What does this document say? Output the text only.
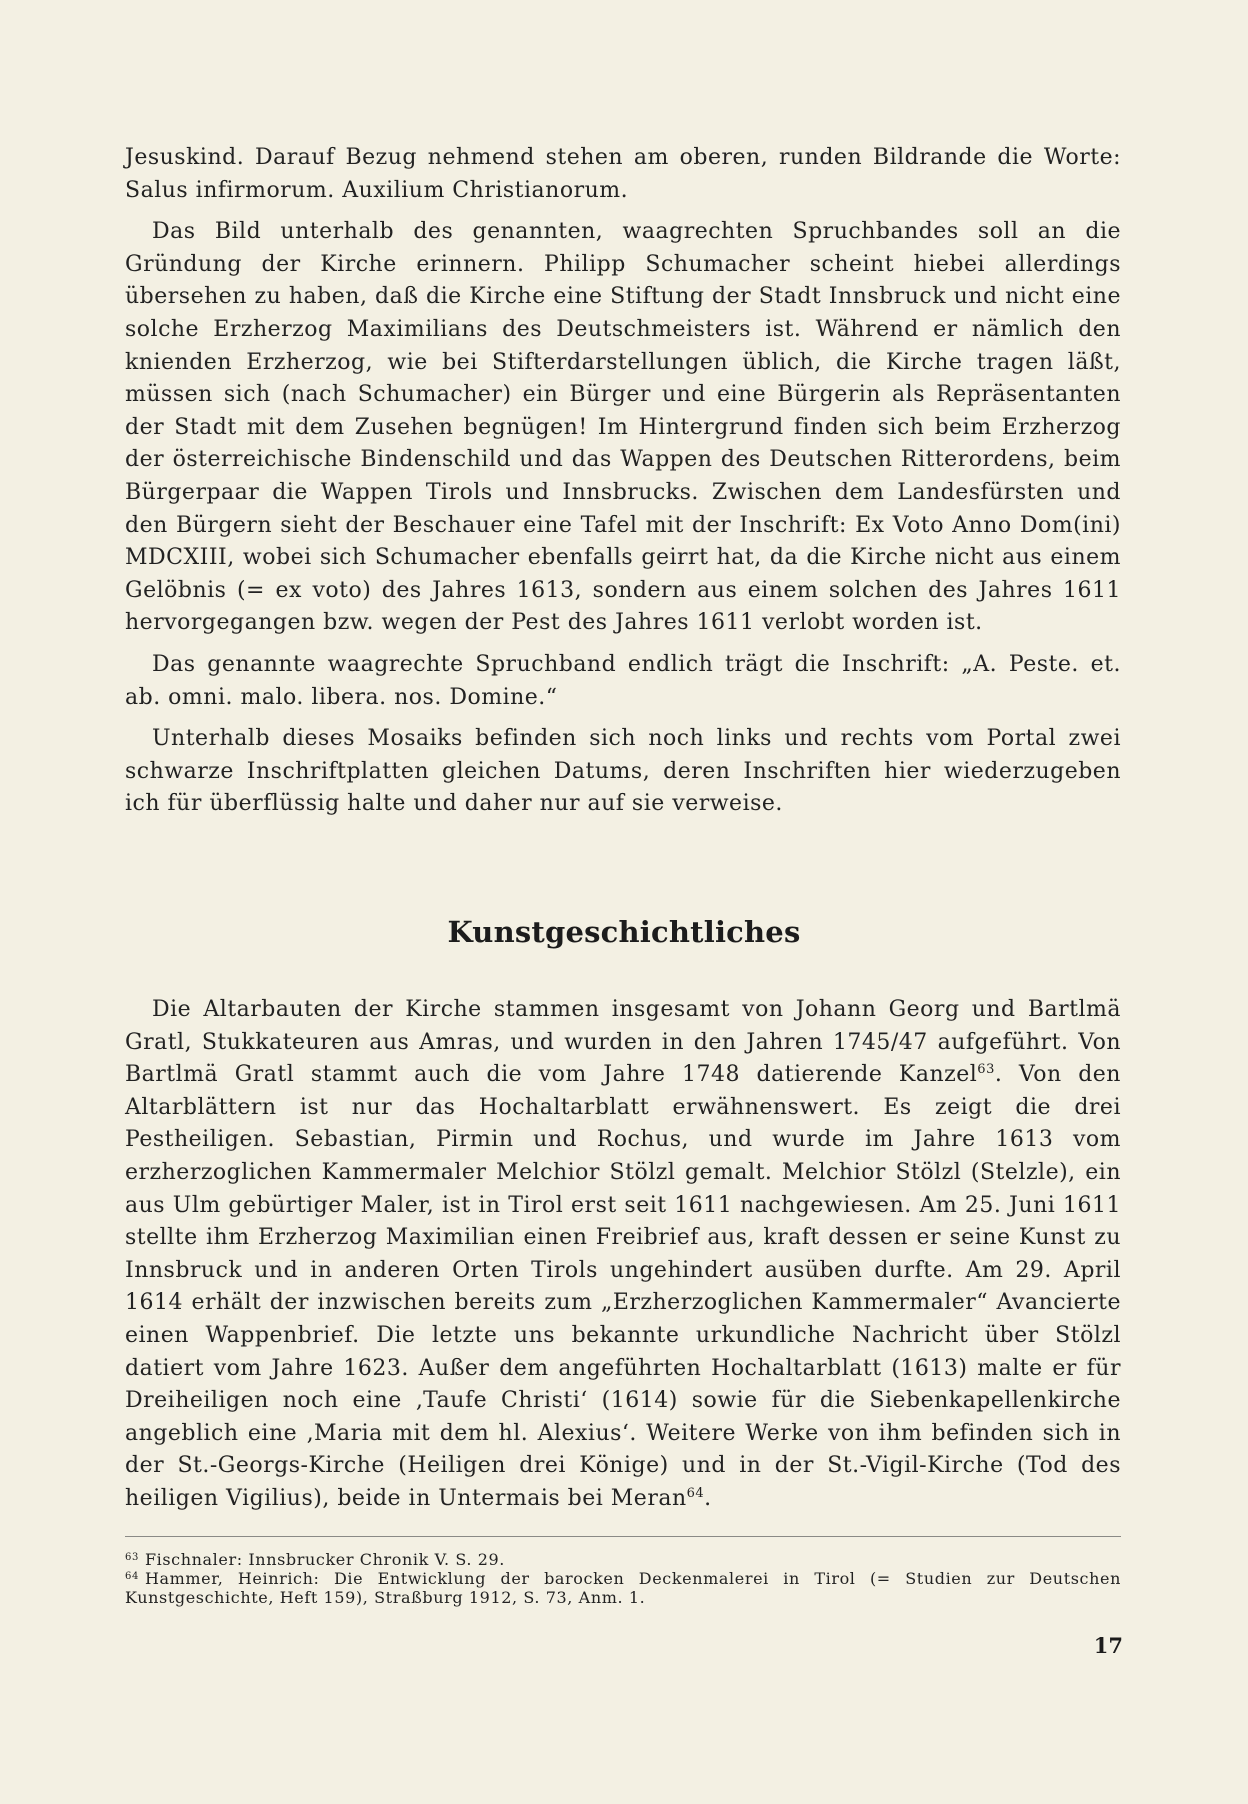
Jesuskind. Darauf Bezug nehmend stehen am oberen, runden Bildrande die Worte: Salus infirmorum. Auxilium Christianorum.

Das Bild unterhalb des genannten, waagrechten Spruchbandes soll an die Gründung der Kirche erinnern. Philipp Schumacher scheint hiebei allerdings übersehen zu haben, daß die Kirche eine Stiftung der Stadt Innsbruck und nicht eine solche Erzherzog Maximilians des Deutschmeisters ist. Während er nämlich den knienden Erzherzog, wie bei Stifterdarstellungen üblich, die Kirche tragen läßt, müssen sich (nach Schumacher) ein Bürger und eine Bürgerin als Repräsentanten der Stadt mit dem Zusehen begnügen! Im Hintergrund finden sich beim Erzherzog der österreichische Bindenschild und das Wappen des Deutschen Ritterordens, beim Bürgerpaar die Wappen Tirols und Innsbrucks. Zwischen dem Landesfürsten und den Bürgern sieht der Beschauer eine Tafel mit der Inschrift: Ex Voto Anno Dom(ini) MDCXIII, wobei sich Schumacher ebenfalls geirrt hat, da die Kirche nicht aus einem Gelöbnis (= ex voto) des Jahres 1613, sondern aus einem solchen des Jahres 1611 hervorgegangen bzw. wegen der Pest des Jahres 1611 verlobt worden ist.

Das genannte waagrechte Spruchband endlich trägt die Inschrift: „A. Peste. et. ab. omni. malo. libera. nos. Domine.“

Unterhalb dieses Mosaiks befinden sich noch links und rechts vom Portal zwei schwarze Inschriftplatten gleichen Datums, deren Inschriften hier wiederzugeben ich für überflüssig halte und daher nur auf sie verweise.

Kunstgeschichtliches

Die Altarbauten der Kirche stammen insgesamt von Johann Georg und Bartlmä Gratl, Stukkateuren aus Amras, und wurden in den Jahren 1745/47 aufgeführt. Von Bartlmä Gratl stammt auch die vom Jahre 1748 datierende Kanzel$^{63}$. Von den Altarblättern ist nur das Hochaltarblatt erwähnenswert. Es zeigt die drei Pestheiligen. Sebastian, Pirmin und Rochus, und wurde im Jahre 1613 vom erzherzoglichen Kammermaler Melchior Stölzl gemalt. Melchior Stölzl (Stelzle), ein aus Ulm gebürtiger Maler, ist in Tirol erst seit 1611 nachgewiesen. Am 25. Juni 1611 stellte ihm Erzherzog Maximilian einen Freibrief aus, kraft dessen er seine Kunst zu Innsbruck und in anderen Orten Tirols ungehindert ausüben durfte. Am 29. April 1614 erhält der inzwischen bereits zum „Erzherzoglichen Kammermaler“ Avancierte einen Wappenbrief. Die letzte uns bekannte urkundliche Nachricht über Stölzl datiert vom Jahre 1623. Außer dem angeführten Hochaltarblatt (1613) malte er für Dreiheiligen noch eine ‚Taufe Christi‘ (1614) sowie für die Siebenkapellenkirche angeblich eine ‚Maria mit dem hl. Alexius‘. Weitere Werke von ihm befinden sich in der St.-Georgs-Kirche (Heiligen drei Könige) und in der St.-Vigil-Kirche (Tod des heiligen Vigilius), beide in Untermais bei Meran$^{64}$.

$^{63}$ Fischnaler: Innsbrucker Chronik V. S. 29.

$^{64}$ Hammer, Heinrich: Die Entwicklung der barocken Deckenmalerei in Tirol (= Studien zur Deutschen Kunstgeschichte, Heft 159), Straßburg 1912, S. 73, Anm. 1.

17
